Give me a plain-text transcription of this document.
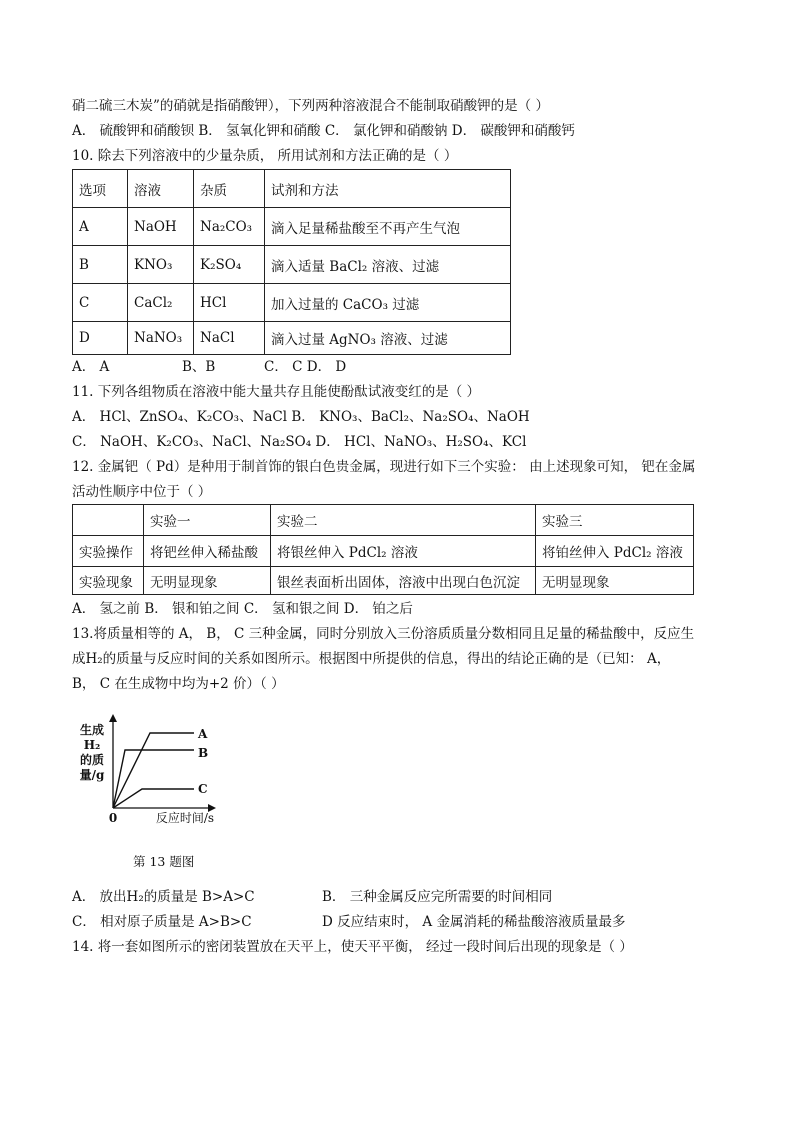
硝二硫三木炭”的硝就是指硝酸钾），下列两种溶液混合不能制取硝酸钾的是（ ）
A． 硫酸钾和硝酸钡 B． 氢氧化钾和硝酸 C． 氯化钾和硝酸钠 D． 碳酸钾和硝酸钙
10. 除去下列溶液中的少量杂质， 所用试剂和方法正确的是（ ）
选项	溶液	杂质	试剂和方法
A	NaOH	Na₂CO₃	滴入足量稀盐酸至不再产生气泡
B	KNO₃	K₂SO₄	滴入适量 BaCl₂ 溶液、过滤
C	CaCl₂	HCl	加入过量的 CaCO₃ 过滤
D	NaNO₃	NaCl	滴入过量 AgNO₃ 溶液、过滤
A． A	B、B	C． C D． D
11. 下列各组物质在溶液中能大量共存且能使酚酞试液变红的是（ ）
A． HCl、ZnSO₄、K₂CO₃、NaCl B． KNO₃、BaCl₂、Na₂SO₄、NaOH
C． NaOH、K₂CO₃、NaCl、Na₂SO₄ D． HCl、NaNO₃、H₂SO₄、KCl
12. 金属钯（ Pd）是种用于制首饰的银白色贵金属，现进行如下三个实验： 由上述现象可知， 钯在金属
活动性顺序中位于（ ）
	实验一	实验二	实验三
实验操作	将钯丝伸入稀盐酸	将银丝伸入 PdCl₂ 溶液	将铂丝伸入 PdCl₂ 溶液
实验现象	无明显现象	银丝表面析出固体，溶液中出现白色沉淀	无明显现象
A． 氢之前 B． 银和铂之间 C． 氢和银之间 D． 铂之后
13.将质量相等的 A， B， C 三种金属，同时分别放入三份溶质质量分数相同且足量的稀盐酸中，反应生
成H₂的质量与反应时间的关系如图所示。根据图中所提供的信息，得出的结论正确的是（已知： A，
B， C 在生成物中均为+2 价）（ ）
生成
H₂
的质
量/g
0	反应时间/s
A
B
C
第 13 题图
A． 放出H₂的质量是 B>A>C	B． 三种金属反应完所需要的时间相同
C． 相对原子质量是 A>B>C	D 反应结束时， A 金属消耗的稀盐酸溶液质量最多
14. 将一套如图所示的密闭装置放在天平上，使天平平衡， 经过一段时间后出现的现象是（ ）
